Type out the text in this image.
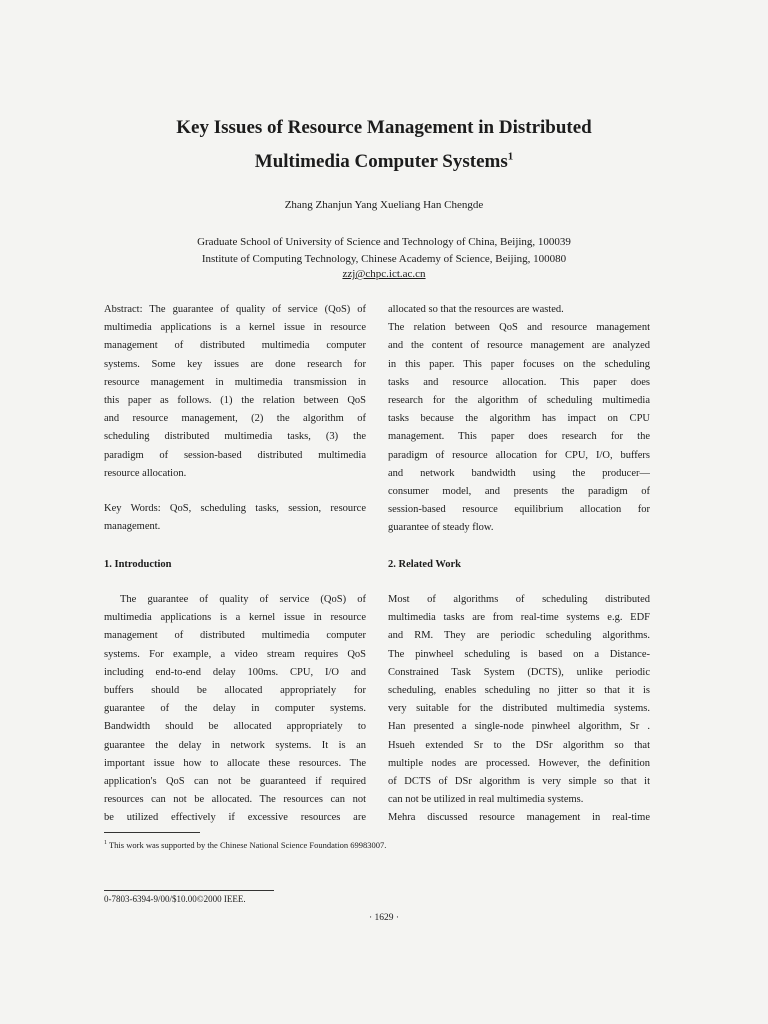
Key Issues of Resource Management in Distributed
Multimedia Computer Systems$^1$
Zhang Zhanjun Yang Xueliang Han Chengde
Graduate School of University of Science and Technology of China, Beijing, 100039
Institute of Computing Technology, Chinese Academy of Science, Beijing, 100080
zzj@chpc.ict.ac.cn
Abstract: The guarantee of quality of service (QoS) of
multimedia applications is a kernel issue in resource
management of distributed multimedia computer
systems. Some key issues are done research for
resource management in multimedia transmission in
this paper as follows. (1) the relation between QoS
and resource management, (2) the algorithm of
scheduling distributed multimedia tasks, (3) the
paradigm of session-based distributed multimedia
resource allocation.
Key Words: QoS, scheduling tasks, session, resource
management.
1. Introduction
The guarantee of quality of service (QoS) of
multimedia applications is a kernel issue in resource
management of distributed multimedia computer
systems. For example, a video stream requires QoS
including end-to-end delay 100ms. CPU, I/O and
buffers should be allocated appropriately for
guarantee of the delay in computer systems.
Bandwidth should be allocated appropriately to
guarantee the delay in network systems. It is an
important issue how to allocate these resources. The
application's QoS can not be guaranteed if required
resources can not be allocated. The resources can not
be utilized effectively if excessive resources are
allocated so that the resources are wasted.
The relation between QoS and resource management
and the content of resource management are analyzed
in this paper. This paper focuses on the scheduling
tasks and resource allocation. This paper does
research for the algorithm of scheduling multimedia
tasks because the algorithm has impact on CPU
management. This paper does research for the
paradigm of resource allocation for CPU, I/O, buffers
and network bandwidth using the producer—
consumer model, and presents the paradigm of
session-based resource equilibrium allocation for
guarantee of steady flow.
2. Related Work
Most of algorithms of scheduling distributed
multimedia tasks are from real-time systems e.g. EDF
and RM. They are periodic scheduling algorithms.
The pinwheel scheduling is based on a Distance-
Constrained Task System (DCTS), unlike periodic
scheduling, enables scheduling no jitter so that it is
very suitable for the distributed multimedia systems.
Han presented a single-node pinwheel algorithm, Sr .
Hsueh extended Sr to the DSr algorithm so that
multiple nodes are processed. However, the definition
of DCTS of DSr algorithm is very simple so that it
can not be utilized in real multimedia systems.
Mehra discussed resource management in real-time
$^1$ This work was supported by the Chinese National Science Foundation 69983007.
0-7803-6394-9/00/$10.00©2000 IEEE.
· 1629 ·
